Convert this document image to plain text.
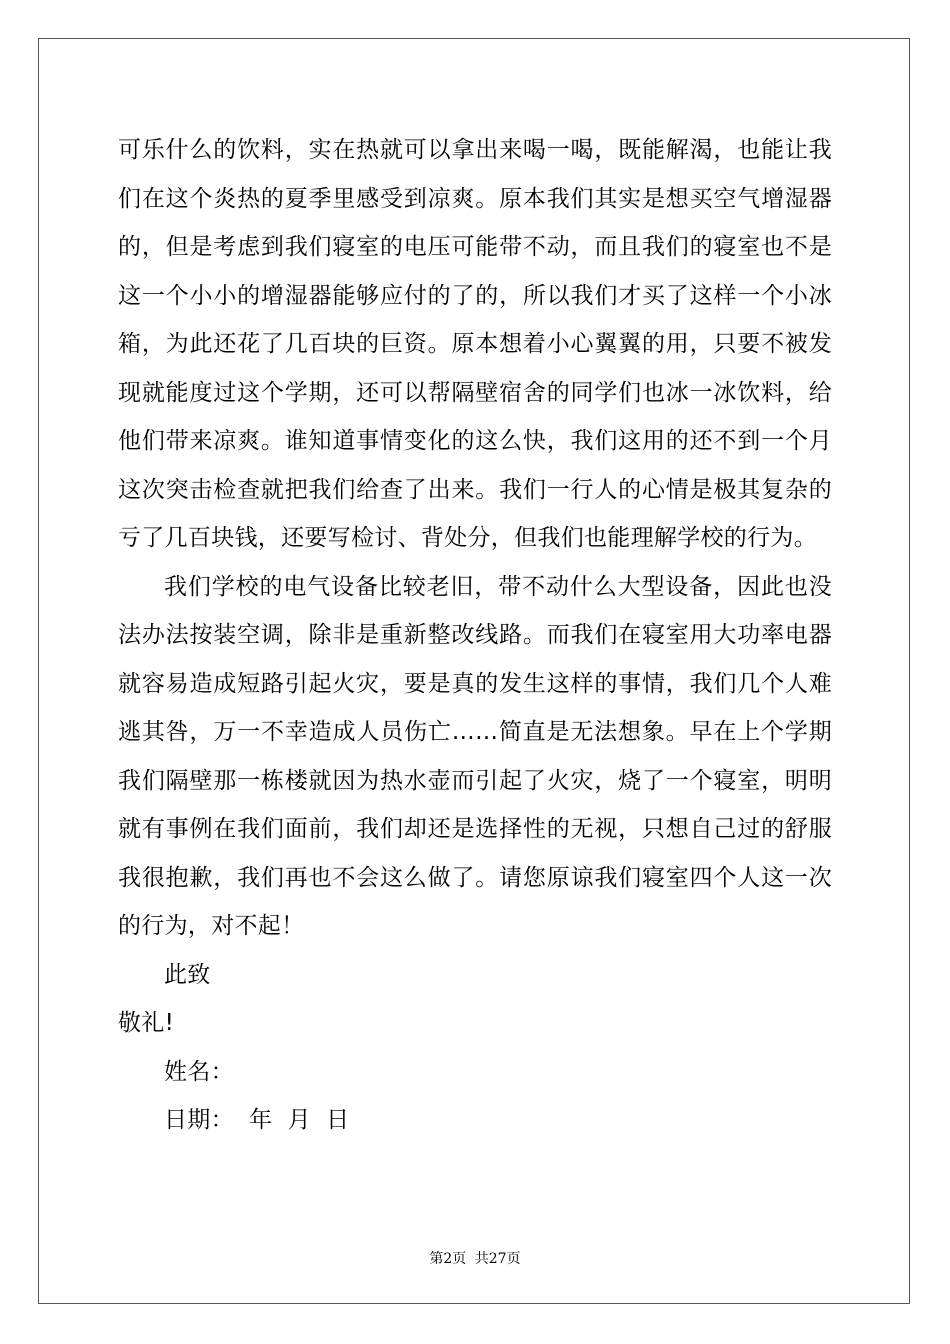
可乐什么的饮料，实在热就可以拿出来喝一喝，既能解渴，也能让我
们在这个炎热的夏季里感受到凉爽。原本我们其实是想买空气增湿器
的，但是考虑到我们寝室的电压可能带不动，而且我们的寝室也不是
这一个小小的增湿器能够应付的了的，所以我们才买了这样一个小冰
箱，为此还花了几百块的巨资。原本想着小心翼翼的用，只要不被发
现就能度过这个学期，还可以帮隔壁宿舍的同学们也冰一冰饮料，给
他们带来凉爽。谁知道事情变化的这么快，我们这用的还不到一个月
这次突击检查就把我们给查了出来。我们一行人的心情是极其复杂的
亏了几百块钱，还要写检讨、背处分，但我们也能理解学校的行为。
我们学校的电气设备比较老旧，带不动什么大型设备，因此也没
法办法按装空调，除非是重新整改线路。而我们在寝室用大功率电器
就容易造成短路引起火灾，要是真的发生这样的事情，我们几个人难
逃其咎，万一不幸造成人员伤亡……简直是无法想象。早在上个学期
我们隔壁那一栋楼就因为热水壶而引起了火灾，烧了一个寝室，明明
就有事例在我们面前，我们却还是选择性的无视，只想自己过的舒服
我很抱歉，我们再也不会这么做了。请您原谅我们寝室四个人这一次
的行为，对不起！
此致
敬礼!
姓名：
日期：  年  月  日
第2页 共27页
